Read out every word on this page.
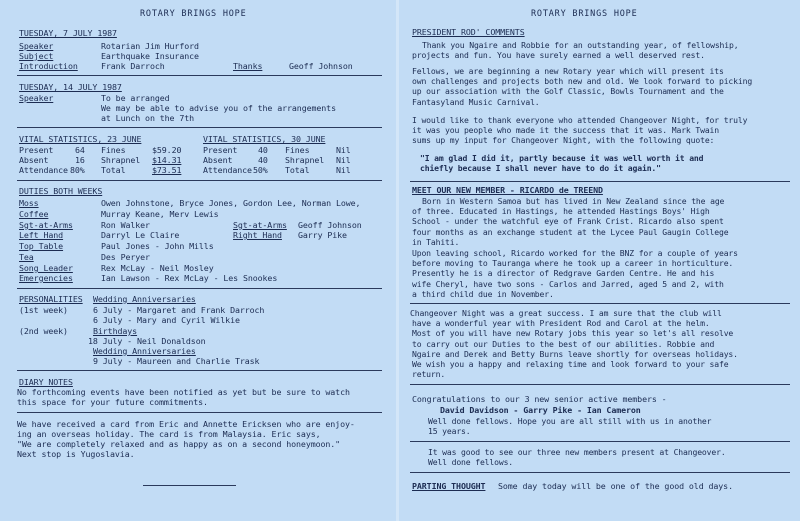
ROTARY BRINGS HOPE
TUESDAY, 7 JULY 1987
Speaker	Rotarian Jim Hurford
Subject	Earthquake Insurance
Introduction	Frank Darroch	Thanks	Geoff Johnson
TUESDAY, 14 JULY 1987
Speaker	To be arranged
We may be able to advise you of the arrangements
at Lunch on the 7th
VITAL STATISTICS, 23 JUNE
Present	64 Fines	$59.20
Absent	16 Shrapnel $14.31
Attendance 80% Total	$73.51
VITAL STATISTICS, 30 JUNE
Present 40 Fines	Nil
Absent	40 Shrapnel Nil
Attendance 50% Total	Nil
DUTIES BOTH WEEKS
Moss	Owen Johnstone, Bryce Jones, Gordon Lee, Norman Lowe,
Coffee	Murray Keane, Merv Lewis
Sgt-at-Arms	Ron Walker	Sgt-at-Arms Geoff Johnson
Left Hand	Darryl Le Claire	Right Hand Garry Pike
Top Table	Paul Jones - John Mills
Tea	Des Peryer
Song Leader	Rex McLay - Neil Mosley
Emergencies	Ian Lawson - Rex McLay - Les Snookes
PERSONALITIES Wedding Anniversaries
(1st week)	6 July - Margaret and Frank Darroch
6 July - Mary and Cyril Wilkie
(2nd week)	Birthdays
18 July - Neil Donaldson
Wedding Anniversaries
9 July - Maureen and Charlie Trask
DIARY NOTES
No forthcoming events have been notified as yet but be sure to watch
this space for your future commitments.
We have received a card from Eric and Annette Ericksen who are enjoy-
ing an overseas holiday. The card is from Malaysia. Eric says,
"We are completely relaxed and as happy as on a second honeymoon."
Next stop is Yugoslavia.
ROTARY BRINGS HOPE
PRESIDENT ROD' COMMENTS
Thank you Ngaire and Robbie for an outstanding year, of fellowship,
projects and fun. You have surely earned a well deserved rest.
Fellows, we are beginning a new Rotary year which will present its
own challenges and projects both new and old. We look forward to picking
up our association with the Golf Classic, Bowls Tournament and the
Fantasyland Music Carnival.
I would like to thank everyone who attended Changeover Night, for truly
it was you people who made it the success that it was. Mark Twain
sums up my input for Changeover Night, with the following quote:
"I am glad I did it, partly because it was well worth it and
chiefly because I shall never have to do it again."
MEET OUR NEW MEMBER - RICARDO de TREEND
Born in Western Samoa but has lived in New Zealand since the age
of three. Educated in Hastings, he attended Hastings Boys' High
School - under the watchful eye of Frank Crist. Ricardo also spent
four months as an exchange student at the Lycee Paul Gaugin College
in Tahiti.
Upon leaving school, Ricardo worked for the BNZ for a couple of years
before moving to Tauranga where he took up a career in horticulture.
Presently he is a director of Redgrave Garden Centre. He and his
wife Cheryl, have two sons - Carlos and Jarred, aged 5 and 2, with
a third child due in November.
Changeover Night was a great success. I am sure that the club will
have a wonderful year with President Rod and Carol at the helm.
Most of you will have new Rotary jobs this year so let's all resolve
to carry out our Duties to the best of our abilities. Robbie and
Ngaire and Derek and Betty Burns leave shortly for overseas holidays.
We wish you a happy and relaxing time and look forward to your safe
return.
Congratulations to our 3 new senior active members -
David Davidson - Garry Pike - Ian Cameron
Well done fellows. Hope you are all still with us in another
15 years.
It was good to see our three new members present at Changeover.
Well done fellows.
PARTING THOUGHT Some day today will be one of the good old days.
